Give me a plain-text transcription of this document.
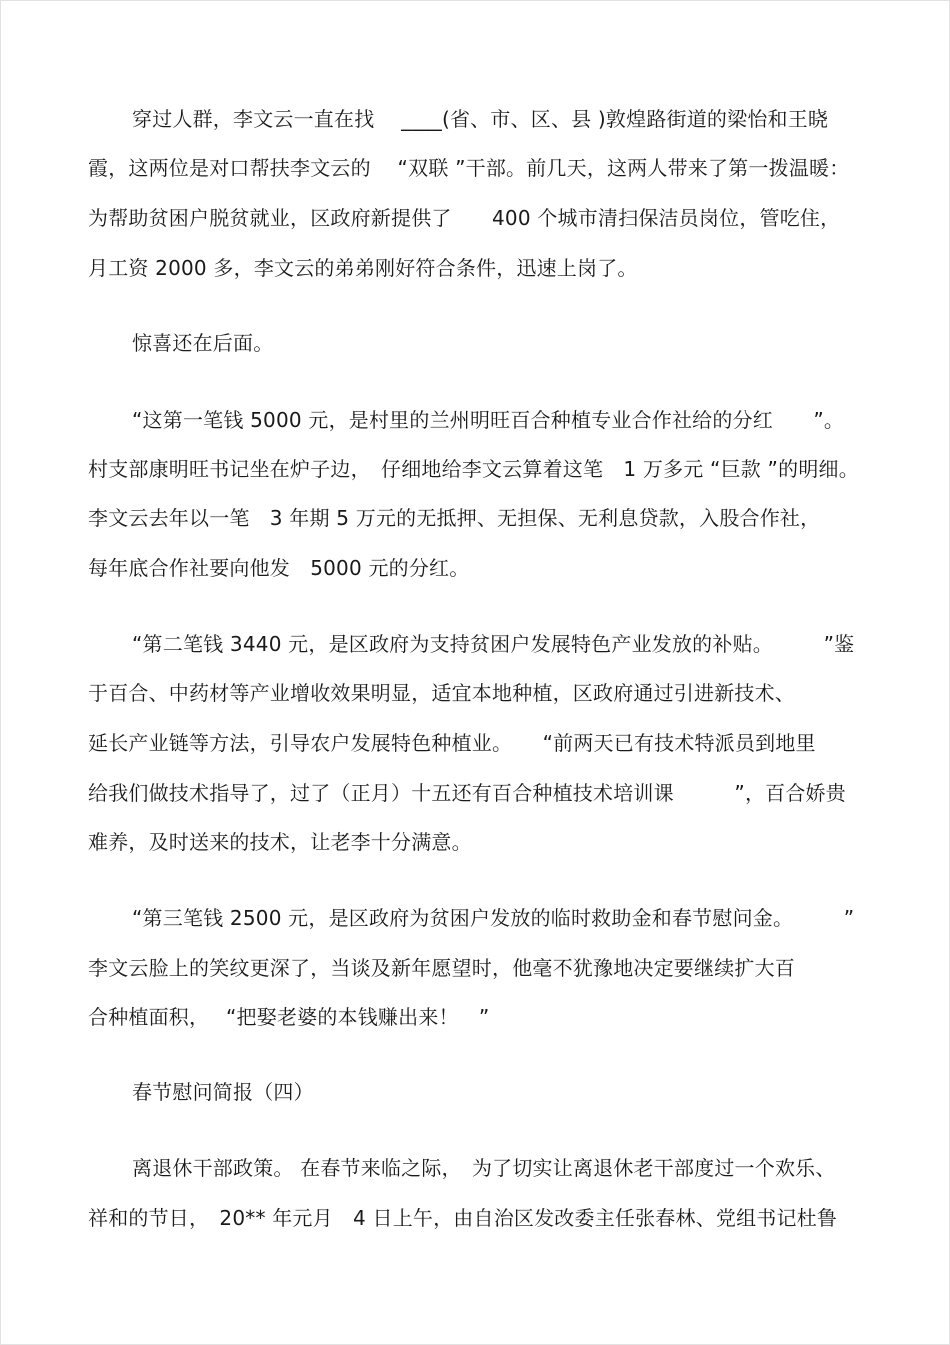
穿过人群，李文云一直在找　 ____(省、市、区、县 )敦煌路街道的梁怡和王晓
霞，这两位是对口帮扶李文云的　 “双联 ”干部。前几天，这两人带来了第一拨温暖：
为帮助贫困户脱贫就业，区政府新提供了　　400 个城市清扫保洁员岗位，管吃住，
月工资 2000 多，李文云的弟弟刚好符合条件，迅速上岗了。
惊喜还在后面。
“这第一笔钱 5000 元，是村里的兰州明旺百合种植专业合作社给的分红　　”。
村支部康明旺书记坐在炉子边，　仔细地给李文云算着这笔　1 万多元 “巨款 ”的明细。
李文云去年以一笔　3 年期 5 万元的无抵押、无担保、无利息贷款，入股合作社，
每年底合作社要向他发　5000 元的分红。
“第二笔钱 3440 元，是区政府为支持贫困户发展特色产业发放的补贴。　　　”鉴
于百合、中药材等产业增收效果明显，适宜本地种植，区政府通过引进新技术、
延长产业链等方法，引导农户发展特色种植业。　　“前两天已有技术特派员到地里
给我们做技术指导了，过了（正月）十五还有百合种植技术培训课　　　”，百合娇贵
难养，及时送来的技术，让老李十分满意。
“第三笔钱 2500 元，是区政府为贫困户发放的临时救助金和春节慰问金。　　　”
李文云脸上的笑纹更深了，当谈及新年愿望时，他毫不犹豫地决定要继续扩大百
合种植面积，　 “把娶老婆的本钱赚出来！　”
春节慰问简报（四）
离退休干部政策。 在春节来临之际，　为了切实让离退休老干部度过一个欢乐、
祥和的节日，　20** 年元月　4 日上午，由自治区发改委主任张春林、党组书记杜鲁
